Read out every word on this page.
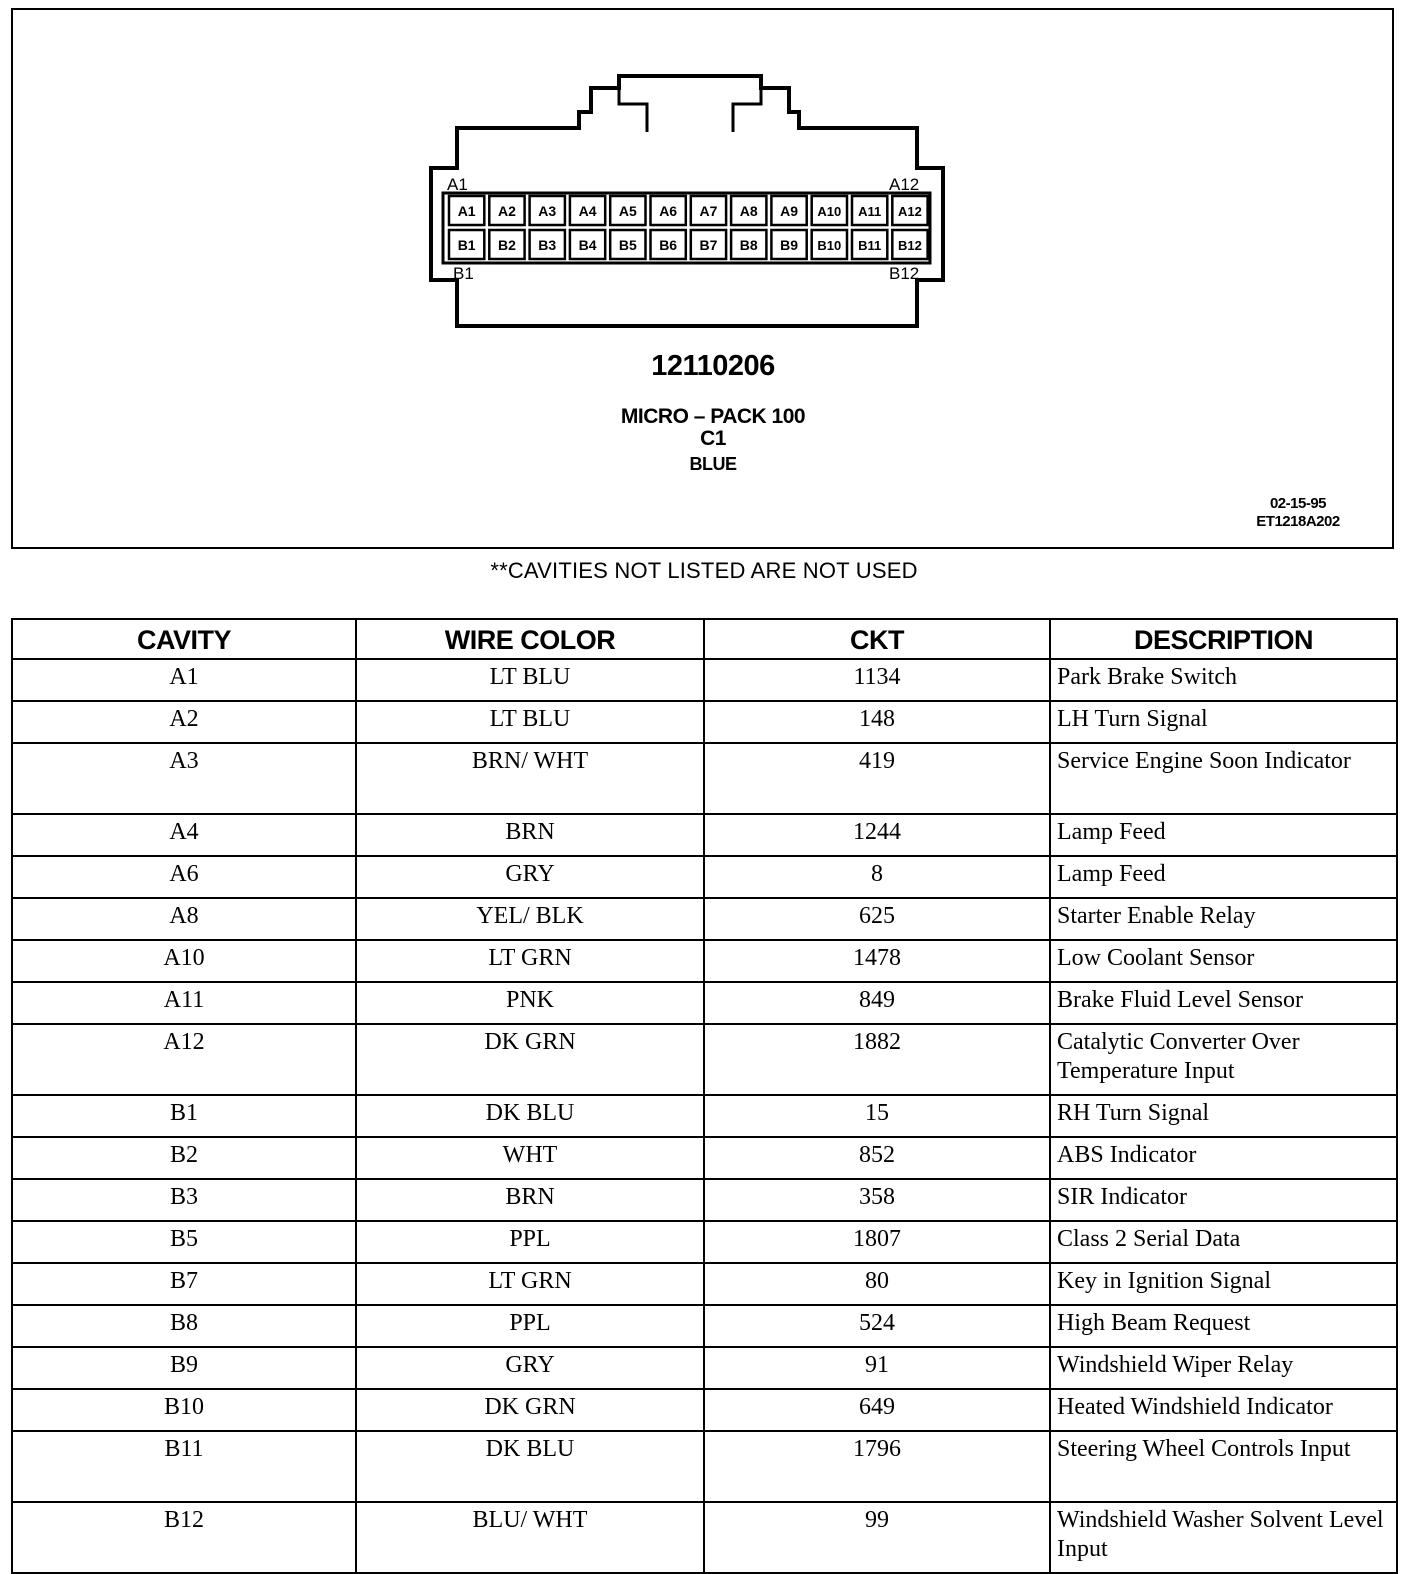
A1 A2 A3 A4 A5 A6 A7 A8 A9 A10 A11 A12
B1 B2 B3 B4 B5 B6 B7 B8 B9 B10 B11 B12
A1	A12
B1	B12
12110206
MICRO – PACK 100
C1
BLUE
02-15-95
ET1218A202
**CAVITIES NOT LISTED ARE NOT USED
CAVITY	WIRE COLOR	CKT	DESCRIPTION
A1	LT BLU	1134	Park Brake Switch
A2	LT BLU	148	LH Turn Signal
A3	BRN/ WHT	419	Service Engine Soon Indicator
A4	BRN	1244	Lamp Feed
A6	GRY	8	Lamp Feed
A8	YEL/ BLK	625	Starter Enable Relay
A10	LT GRN	1478	Low Coolant Sensor
A11	PNK	849	Brake Fluid Level Sensor
A12	DK GRN	1882	Catalytic Converter Over Temperature Input
B1	DK BLU	15	RH Turn Signal
B2	WHT	852	ABS Indicator
B3	BRN	358	SIR Indicator
B5	PPL	1807	Class 2 Serial Data
B7	LT GRN	80	Key in Ignition Signal
B8	PPL	524	High Beam Request
B9	GRY	91	Windshield Wiper Relay
B10	DK GRN	649	Heated Windshield Indicator
B11	DK BLU	1796	Steering Wheel Controls Input
B12	BLU/ WHT	99	Windshield Washer Solvent Level Input
